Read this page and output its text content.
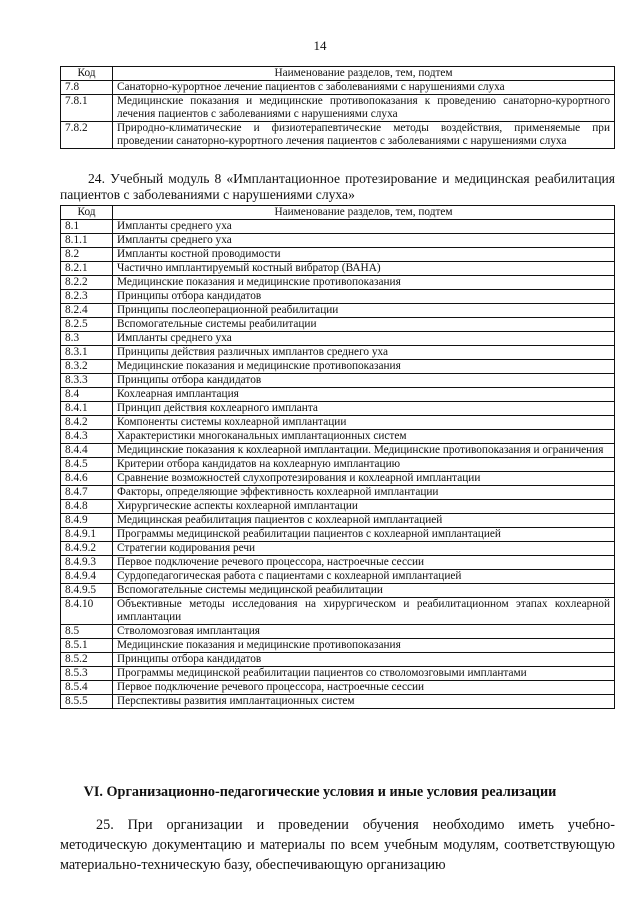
14
Код	Наименование разделов, тем, подтем
7.8	Санаторно-курортное лечение пациентов с заболеваниями с нарушениями слуха
7.8.1	Медицинские показания и медицинские противопоказания к проведению санаторно-курортного лечения пациентов с заболеваниями с нарушениями слуха
7.8.2	Природно-климатические и физиотерапевтические методы воздействия, применяемые при проведении санаторно-курортного лечения пациентов с заболеваниями с нарушениями слуха
24. Учебный модуль 8 «Имплантационное протезирование и медицинская реабилитация пациентов с заболеваниями с нарушениями слуха»
Код	Наименование разделов, тем, подтем
8.1	Импланты среднего уха
8.1.1	Импланты среднего уха
8.2	Импланты костной проводимости
8.2.1	Частично имплантируемый костный вибратор (ВАНА)
8.2.2	Медицинские показания и медицинские противопоказания
8.2.3	Принципы отбора кандидатов
8.2.4	Принципы послеоперационной реабилитации
8.2.5	Вспомогательные системы реабилитации
8.3	Импланты среднего уха
8.3.1	Принципы действия различных имплантов среднего уха
8.3.2	Медицинские показания и медицинские противопоказания
8.3.3	Принципы отбора кандидатов
8.4	Кохлеарная имплантация
8.4.1	Принцип действия кохлеарного импланта
8.4.2	Компоненты системы кохлеарной имплантации
8.4.3	Характеристики многоканальных имплантационных систем
8.4.4	Медицинские показания к кохлеарной имплантации. Медицинские противопоказания и ограничения
8.4.5	Критерии отбора кандидатов на кохлеарную имплантацию
8.4.6	Сравнение возможностей слухопротезирования и кохлеарной имплантации
8.4.7	Факторы, определяющие эффективность кохлеарной имплантации
8.4.8	Хирургические аспекты кохлеарной имплантации
8.4.9	Медицинская реабилитация пациентов с кохлеарной имплантацией
8.4.9.1	Программы медицинской реабилитации пациентов с кохлеарной имплантацией
8.4.9.2	Стратегии кодирования речи
8.4.9.3	Первое подключение речевого процессора, настроечные сессии
8.4.9.4	Сурдопедагогическая работа с пациентами с кохлеарной имплантацией
8.4.9.5	Вспомогательные системы медицинской реабилитации
8.4.10	Объективные методы исследования на хирургическом и реабилитационном этапах кохлеарной имплантации
8.5	Стволомозговая имплантация
8.5.1	Медицинские показания и медицинские противопоказания
8.5.2	Принципы отбора кандидатов
8.5.3	Программы медицинской реабилитации пациентов со стволомозговыми имплантами
8.5.4	Первое подключение речевого процессора, настроечные сессии
8.5.5	Перспективы развития имплантационных систем
VI. Организационно-педагогические условия и иные условия реализации
25. При организации и проведении обучения необходимо иметь учебно-методическую документацию и материалы по всем учебным модулям, соответствующую материально-техническую базу, обеспечивающую организацию
